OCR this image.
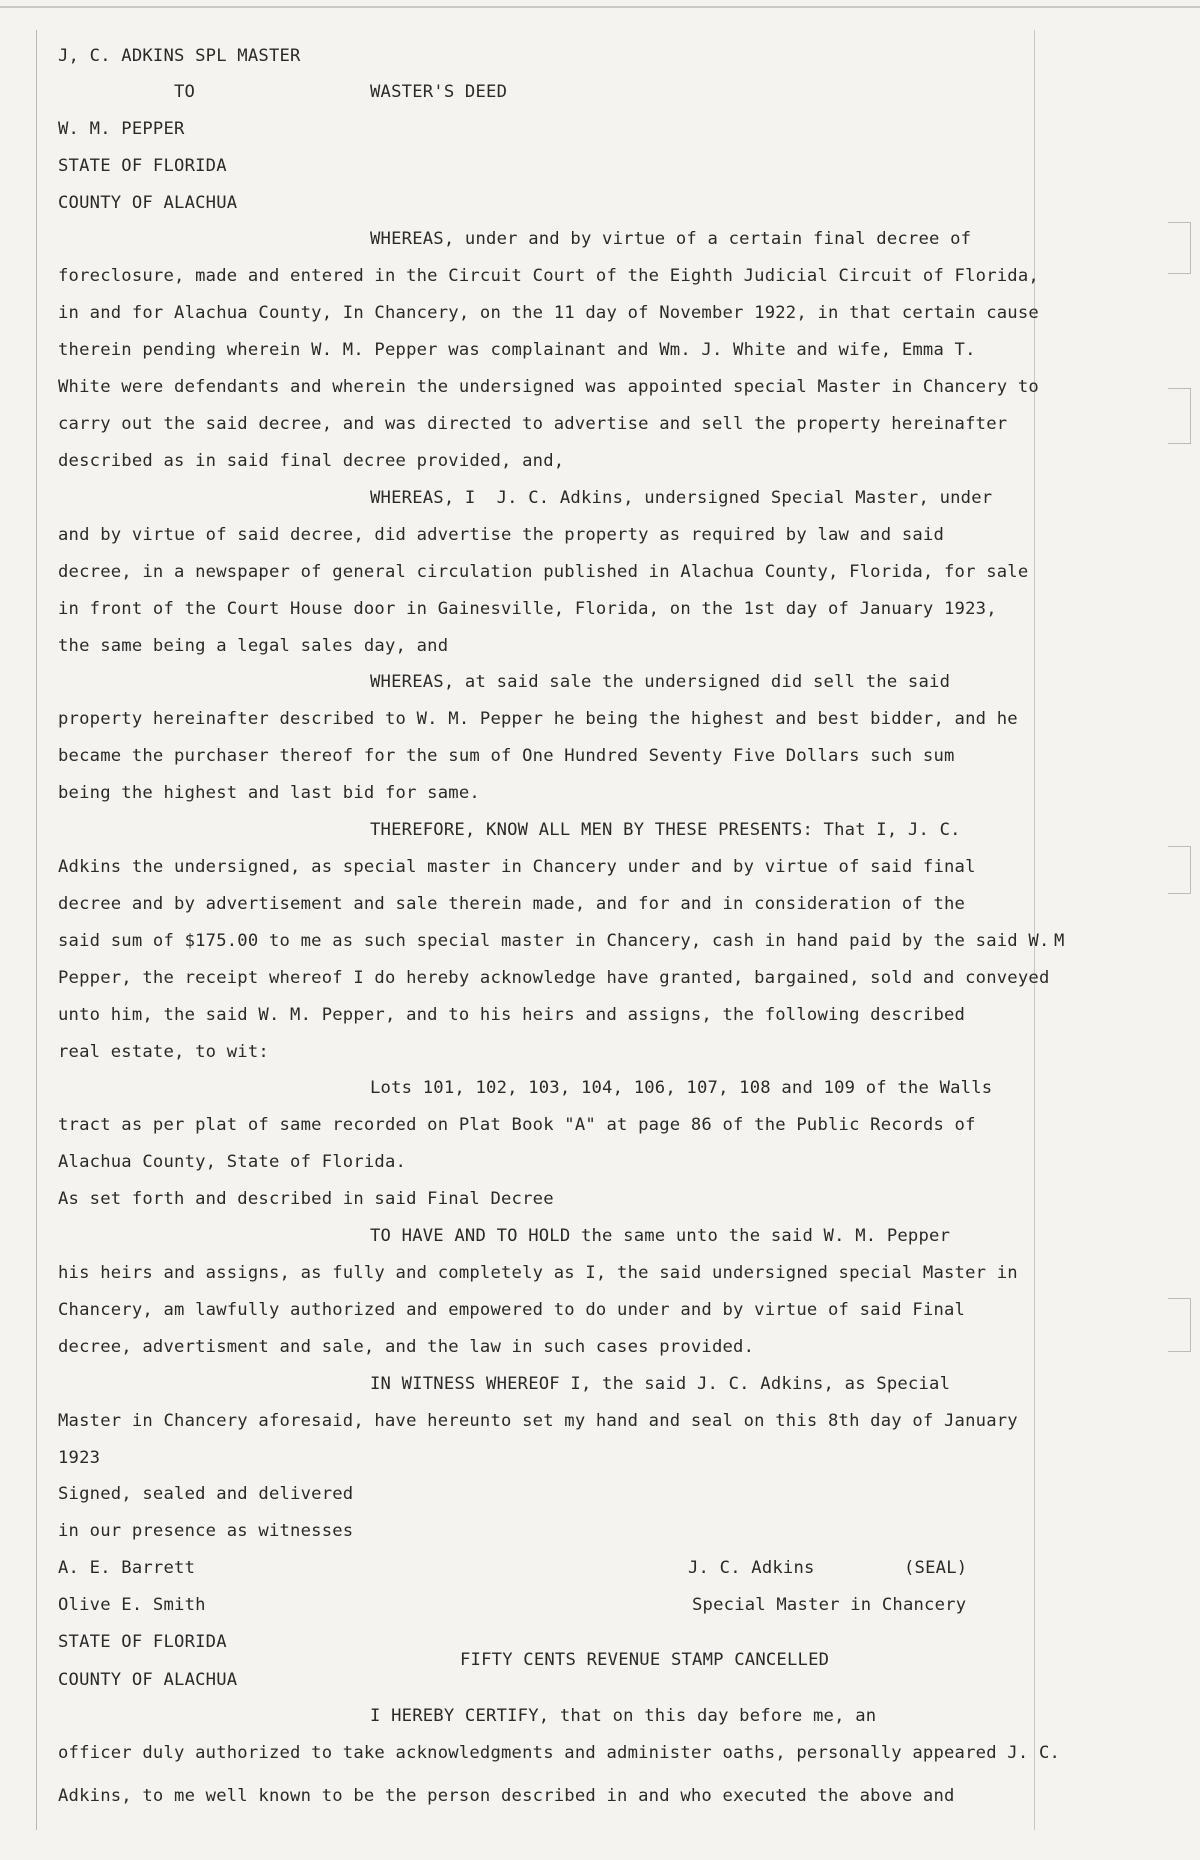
J, C. ADKINS SPL MASTER
TO	WASTER'S DEED
W. M. PEPPER
STATE OF FLORIDA
COUNTY OF ALACHUA
WHEREAS, under and by virtue of a certain final decree of
foreclosure, made and entered in the Circuit Court of the Eighth Judicial Circuit of Florida,
in and for Alachua County, In Chancery, on the 11 day of November 1922, in that certain cause
therein pending wherein W. M. Pepper was complainant and Wm. J. White and wife, Emma T.
White were defendants and wherein the undersigned was appointed special Master in Chancery to
carry out the said decree, and was directed to advertise and sell the property hereinafter
described as in said final decree provided, and,
WHEREAS, I  J. C. Adkins, undersigned Special Master, under
and by virtue of said decree, did advertise the property as required by law and said
decree, in a newspaper of general circulation published in Alachua County, Florida, for sale
in front of the Court House door in Gainesville, Florida, on the 1st day of January 1923,
the same being a legal sales day, and
WHEREAS, at said sale the undersigned did sell the said
property hereinafter described to W. M. Pepper he being the highest and best bidder, and he
became the purchaser thereof for the sum of One Hundred Seventy Five Dollars such sum
being the highest and last bid for same.
THEREFORE, KNOW ALL MEN BY THESE PRESENTS: That I, J. C.
Adkins the undersigned, as special master in Chancery under and by virtue of said final
decree and by advertisement and sale therein made, and for and in consideration of the
said sum of $175.00 to me as such special master in Chancery, cash in hand paid by the said W. M
Pepper, the receipt whereof I do hereby acknowledge have granted, bargained, sold and conveyed
unto him, the said W. M. Pepper, and to his heirs and assigns, the following described
real estate, to wit:
Lots 101, 102, 103, 104, 106, 107, 108 and 109 of the Walls
tract as per plat of same recorded on Plat Book "A" at page 86 of the Public Records of
Alachua County, State of Florida.
As set forth and described in said Final Decree
TO HAVE AND TO HOLD the same unto the said W. M. Pepper
his heirs and assigns, as fully and completely as I, the said undersigned special Master in
Chancery, am lawfully authorized and empowered to do under and by virtue of said Final
decree, advertisment and sale, and the law in such cases provided.
IN WITNESS WHEREOF I, the said J. C. Adkins, as Special
Master in Chancery aforesaid, have hereunto set my hand and seal on this 8th day of January
1923
Signed, sealed and delivered
in our presence as witnesses
A. E. Barrett	J. C. Adkins	(SEAL)
Olive E. Smith	Special Master in Chancery
STATE OF FLORIDA
FIFTY CENTS REVENUE STAMP CANCELLED
COUNTY OF ALACHUA
I HEREBY CERTIFY, that on this day before me, an
officer duly authorized to take acknowledgments and administer oaths, personally appeared J. C.
Adkins, to me well known to be the person described in and who executed the above and
